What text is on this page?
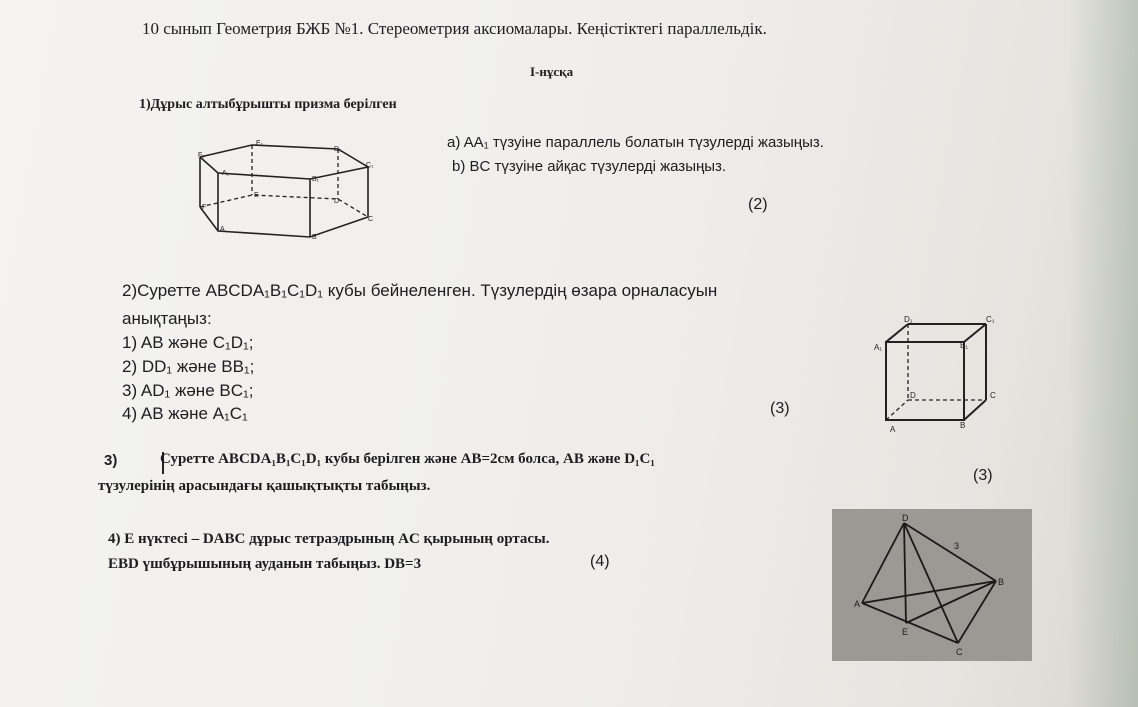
10 сынып Геометрия БЖБ №1. Стереометрия аксиомалары. Кеңістіктегі параллельдік.
I-нұсқа
1)Дұрыс алтыбұрышты призма берілген
a) AA₁ түзуіне параллель болатын түзулерді жазыңыз.
b) BC түзуіне айқас түзулерді жазыңыз.
(2)
E₁
D₁
F₁
C₁
A₁
B₁
E
F
D
C
A
B
2)Суретте ABCDA₁B₁C₁D₁ кубы бейнеленген. Түзулердің өзара орналасуын
анықтаңыз:
1) AB және C₁D₁;
2) DD₁ және BB₁;
3) AD₁ және BC₁;
4) AB және A₁C₁	(3)
D₁	C₁
A₁	B₁
D	C
A	B
3)	Суретте ABCDA₁B₁C₁D₁ кубы берілген және AB=2см болса, AB және D₁C₁
түзулерінің арасындағы қашықтықты табыңыз.
(3)
4) E нүктесі – DABC дұрыс тетраэдрының AC қырының ортасы.
EBD үшбұрышының ауданын табыңыз. DB=3	(4)
D
A
B
C
E
3
